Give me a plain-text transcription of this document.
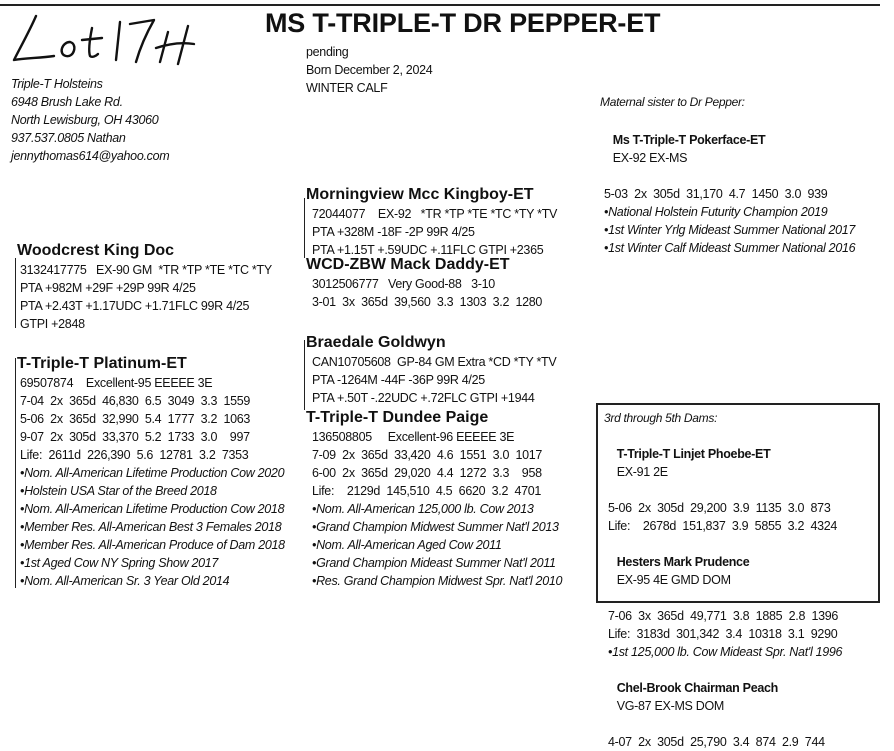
MS T-TRIPLE-T DR PEPPER-ET
Triple-T Holsteins
6948 Brush Lake Rd.
North Lewisburg, OH 43060
937.537.0805 Nathan
jennythomas614@yahoo.com
pending
Born December 2, 2024
WINTER CALF
Maternal sister to Dr Pepper:

Ms T-Triple-T Pokerface-ET
EX-92 EX-MS

5-03  2x  305d  31,170  4.7  1450  3.0  939
•National Holstein Futurity Champion 2019
•1st Winter Yrlg Mideast Summer National 2017
•1st Winter Calf Mideast Summer National 2016
Morningview Mcc Kingboy-ET
72044077    EX-92   *TR *TP *TE *TC *TY *TV
PTA +328M -18F -2P 99R 4/25
PTA +1.15T +.59UDC +.11FLC GTPI +2365
Woodcrest King Doc
3132417775   EX-90 GM  *TR *TP *TE *TC *TY
PTA +982M +29F +29P 99R 4/25
PTA +2.43T +1.17UDC +1.71FLC 99R 4/25
GTPI +2848
WCD-ZBW Mack Daddy-ET
3012506777   Very Good-88   3-10
3-01  3x  365d  39,560  3.3  1303  3.2  1280
T-Triple-T Platinum-ET
69507874    Excellent-95 EEEEE 3E
7-04  2x  365d  46,830  6.5  3049  3.3  1559
5-06  2x  365d  32,990  5.4  1777  3.2  1063
9-07  2x  305d  33,370  5.2  1733  3.0    997
Life:  2611d  226,390  5.6  12781  3.2  7353
•Nom. All-American Lifetime Production Cow 2020
•Holstein USA Star of the Breed 2018
•Nom. All-American Lifetime Production Cow 2018
•Member Res. All-American Best 3 Females 2018
•Member Res. All-American Produce of Dam 2018
•1st Aged Cow NY Spring Show 2017
•Nom. All-American Sr. 3 Year Old 2014
Braedale Goldwyn
CAN10705608  GP-84 GM Extra *CD *TY *TV
PTA -1264M -44F -36P 99R 4/25
PTA +.50T -.22UDC +.72FLC GTPI +1944
T-Triple-T Dundee Paige
136508805     Excellent-96 EEEEE 3E
7-09  2x  365d  33,420  4.6  1551  3.0  1017
6-00  2x  365d  29,020  4.4  1272  3.3    958
Life:    2129d  145,510  4.5  6620  3.2  4701
•Nom. All-American 125,000 lb. Cow 2013
•Grand Champion Midwest Summer Nat'l 2013
•Nom. All-American Aged Cow 2011
•Grand Champion Mideast Summer Nat'l 2011
•Res. Grand Champion Midwest Spr. Nat'l 2010
3rd through 5th Dams:

T-Triple-T Linjet Phoebe-ET
EX-91 2E

5-06  2x  305d  29,200  3.9  1135  3.0  873
Life:    2678d  151,837  3.9  5855  3.2  4324

Hesters Mark Prudence
EX-95 4E GMD DOM

7-06  3x  365d  49,771  3.8  1885  2.8  1396
Life:  3183d  301,342  3.4  10318  3.1  9290
•1st 125,000 lb. Cow Mideast Spr. Nat'l 1996

Chel-Brook Chairman Peach
VG-87 EX-MS DOM

4-07  2x  305d  25,790  3.4  874  2.9  744
